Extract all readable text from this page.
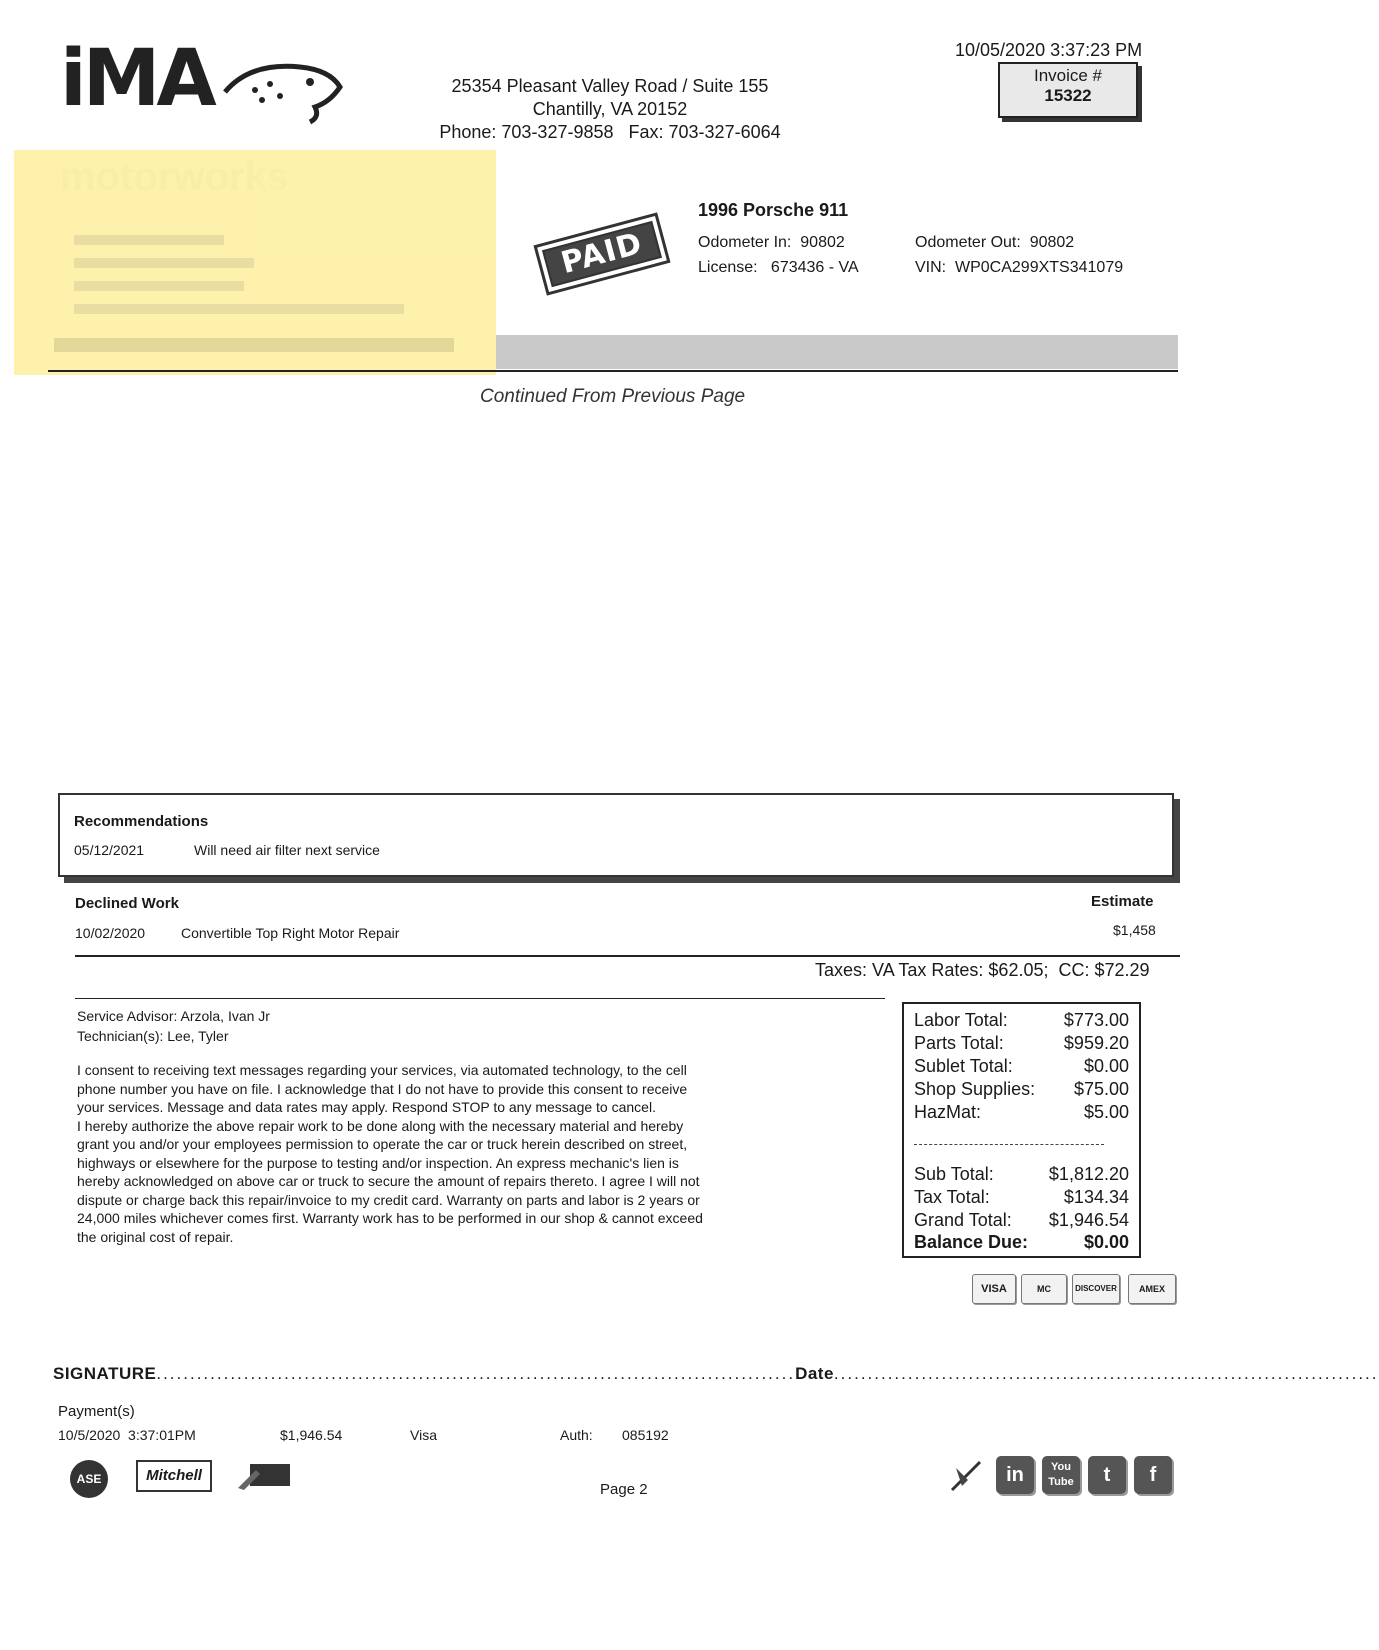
iMA	25354 Pleasant Valley Road / Suite 155
Chantilly, VA 20152
Phone: 703-327-9858   Fax: 703-327-6064
10/05/2020 3:37:23 PM
Invoice #
15322
PAID
1996 Porsche 911
Odometer In:  90802
License:   673436 - VA
Odometer Out:  90802
VIN:  WP0CA299XTS341079
Continued From Previous Page
Recommendations
05/12/2021	Will need air filter next service
Declined Work	Estimate
10/02/2020	Convertible Top Right Motor Repair	$1,458
Taxes: VA Tax Rates: $62.05;  CC: $72.29
Service Advisor: Arzola, Ivan Jr
Technician(s): Lee, Tyler

I consent to receiving text messages regarding your services, via automated technology, to the cell phone number you have on file. I acknowledge that I do not have to provide this consent to receive your services. Message and data rates may apply. Respond STOP to any message to cancel.

I hereby authorize the above repair work to be done along with the necessary material and hereby grant you and/or your employees permission to operate the car or truck herein described on street, highways or elsewhere for the purpose to testing and/or inspection. An express mechanic's lien is hereby acknowledged on above car or truck to secure the amount of repairs thereto. I agree I will not dispute or charge back this repair/invoice to my credit card. Warranty on parts and labor is 2 years or 24,000 miles whichever comes first. Warranty work has to be performed in our shop & cannot exceed the original cost of repair.

Labor Total:	$773.00
Parts Total:	$959.20
Sublet Total:	$0.00
Shop Supplies: $75.00
HazMat:	$5.00
Sub Total:	$1,812.20
Tax Total:	$134.34
Grand Total: $1,946.54
Balance Due:	$0.00
VISA	MC	DISCOVER	AMEX
SIGNATURE...............................................................................................Date.................................................................................
Payment(s)
10/5/2020  3:37:01PM	$1,946.54	Visa	Auth: 085192
ASE	Mitchell
Page 2
in	You Tube	t	f
